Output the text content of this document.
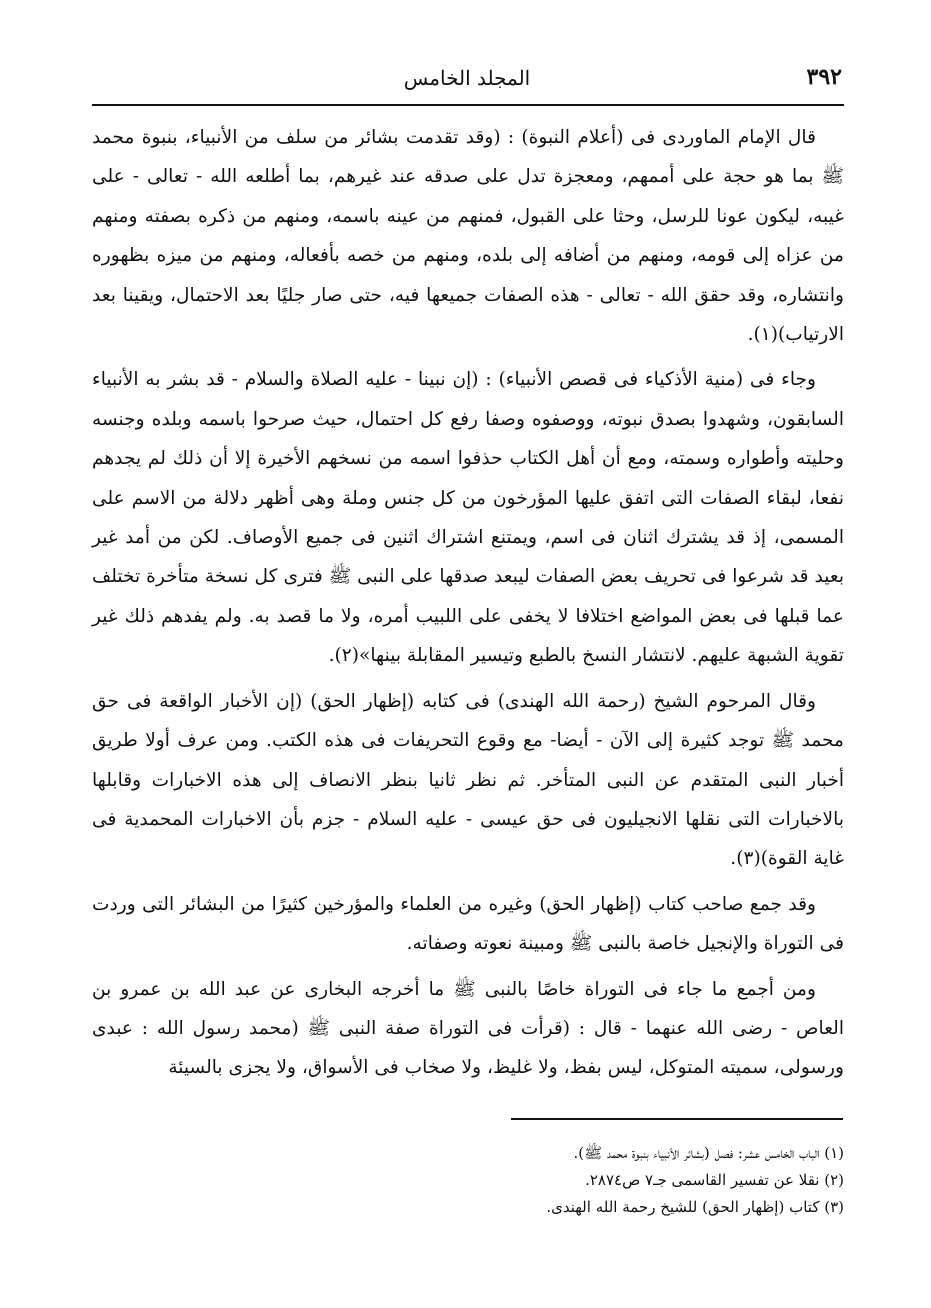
٣٩٢
المجلد الخامس

قال الإمام الماوردى فى (أعلام النبوة) : (وقد تقدمت بشائر من سلف من الأنبياء، بنبوة محمد ﷺ بما هو حجة على أممهم، ومعجزة تدل على صدقه عند غيرهم، بما أطلعه الله - تعالى - على غيبه، ليكون عونا للرسل، وحثا على القبول، فمنهم من عينه باسمه، ومنهم من ذكره بصفته ومنهم من عزاه إلى قومه، ومنهم من أضافه إلى بلده، ومنهم من خصه بأفعاله، ومنهم من ميزه بظهوره وانتشاره، وقد حقق الله - تعالى - هذه الصفات جميعها فيه، حتى صار جليًا بعد الاحتمال، ويقينا بعد الارتياب)(١).

وجاء فى (منية الأذكياء فى قصص الأنبياء) : (إن نبينا - عليه الصلاة والسلام - قد بشر به الأنبياء السابقون، وشهدوا بصدق نبوته، ووصفوه وصفا رفع كل احتمال، حيث صرحوا باسمه وبلده وجنسه وحليته وأطواره وسمته، ومع أن أهل الكتاب حذفوا اسمه من نسخهم الأخيرة إلا أن ذلك لم يجدهم نفعا، لبقاء الصفات التى اتفق عليها المؤرخون من كل جنس وملة وهى أظهر دلالة من الاسم على المسمى، إذ قد يشترك اثنان فى اسم، ويمتنع اشتراك اثنين فى جميع الأوصاف. لكن من أمد غير بعيد قد شرعوا فى تحريف بعض الصفات ليبعد صدقها على النبى ﷺ فترى كل نسخة متأخرة تختلف عما قبلها فى بعض المواضع اختلافا لا يخفى على اللبيب أمره، ولا ما قصد به. ولم يفدهم ذلك غير تقوية الشبهة عليهم. لانتشار النسخ بالطبع وتيسير المقابلة بينها»(٢).

وقال المرحوم الشيخ (رحمة الله الهندى) فى كتابه (إظهار الحق) (إن الأخبار الواقعة فى حق محمد ﷺ توجد كثيرة إلى الآن - أيضا- مع وقوع التحريفات فى هذه الكتب. ومن عرف أولا طريق أخبار النبى المتقدم عن النبى المتأخر. ثم نظر ثانيا بنظر الانصاف إلى هذه الاخبارات وقابلها بالاخبارات التى نقلها الانجيليون فى حق عيسى - عليه السلام - جزم بأن الاخبارات المحمدية فى غاية القوة)(٣).

وقد جمع صاحب كتاب (إظهار الحق) وغيره من العلماء والمؤرخين كثيرًا من البشائر التى وردت فى التوراة والإنجيل خاصة بالنبى ﷺ ومبينة نعوته وصفاته.

ومن أجمع ما جاء فى التوراة خاصًا بالنبى ﷺ ما أخرجه البخارى عن عبد الله بن عمرو بن العاص - رضى الله عنهما - قال : (قرأت فى التوراة صفة النبى ﷺ (محمد رسول الله : عبدى ورسولى، سميته المتوكل، ليس بفظ، ولا غليظ، ولا صخاب فى الأسواق، ولا يجزى بالسيئة

(١) الباب الخامس عشر: فصل (بشائر الأنبياء بنبوة محمد ﷺ).

(٢) نقلا عن تفسير القاسمى جـ٧ ص٢٨٧٤.

(٣) كتاب (إظهار الحق) للشيخ رحمة الله الهندى.
